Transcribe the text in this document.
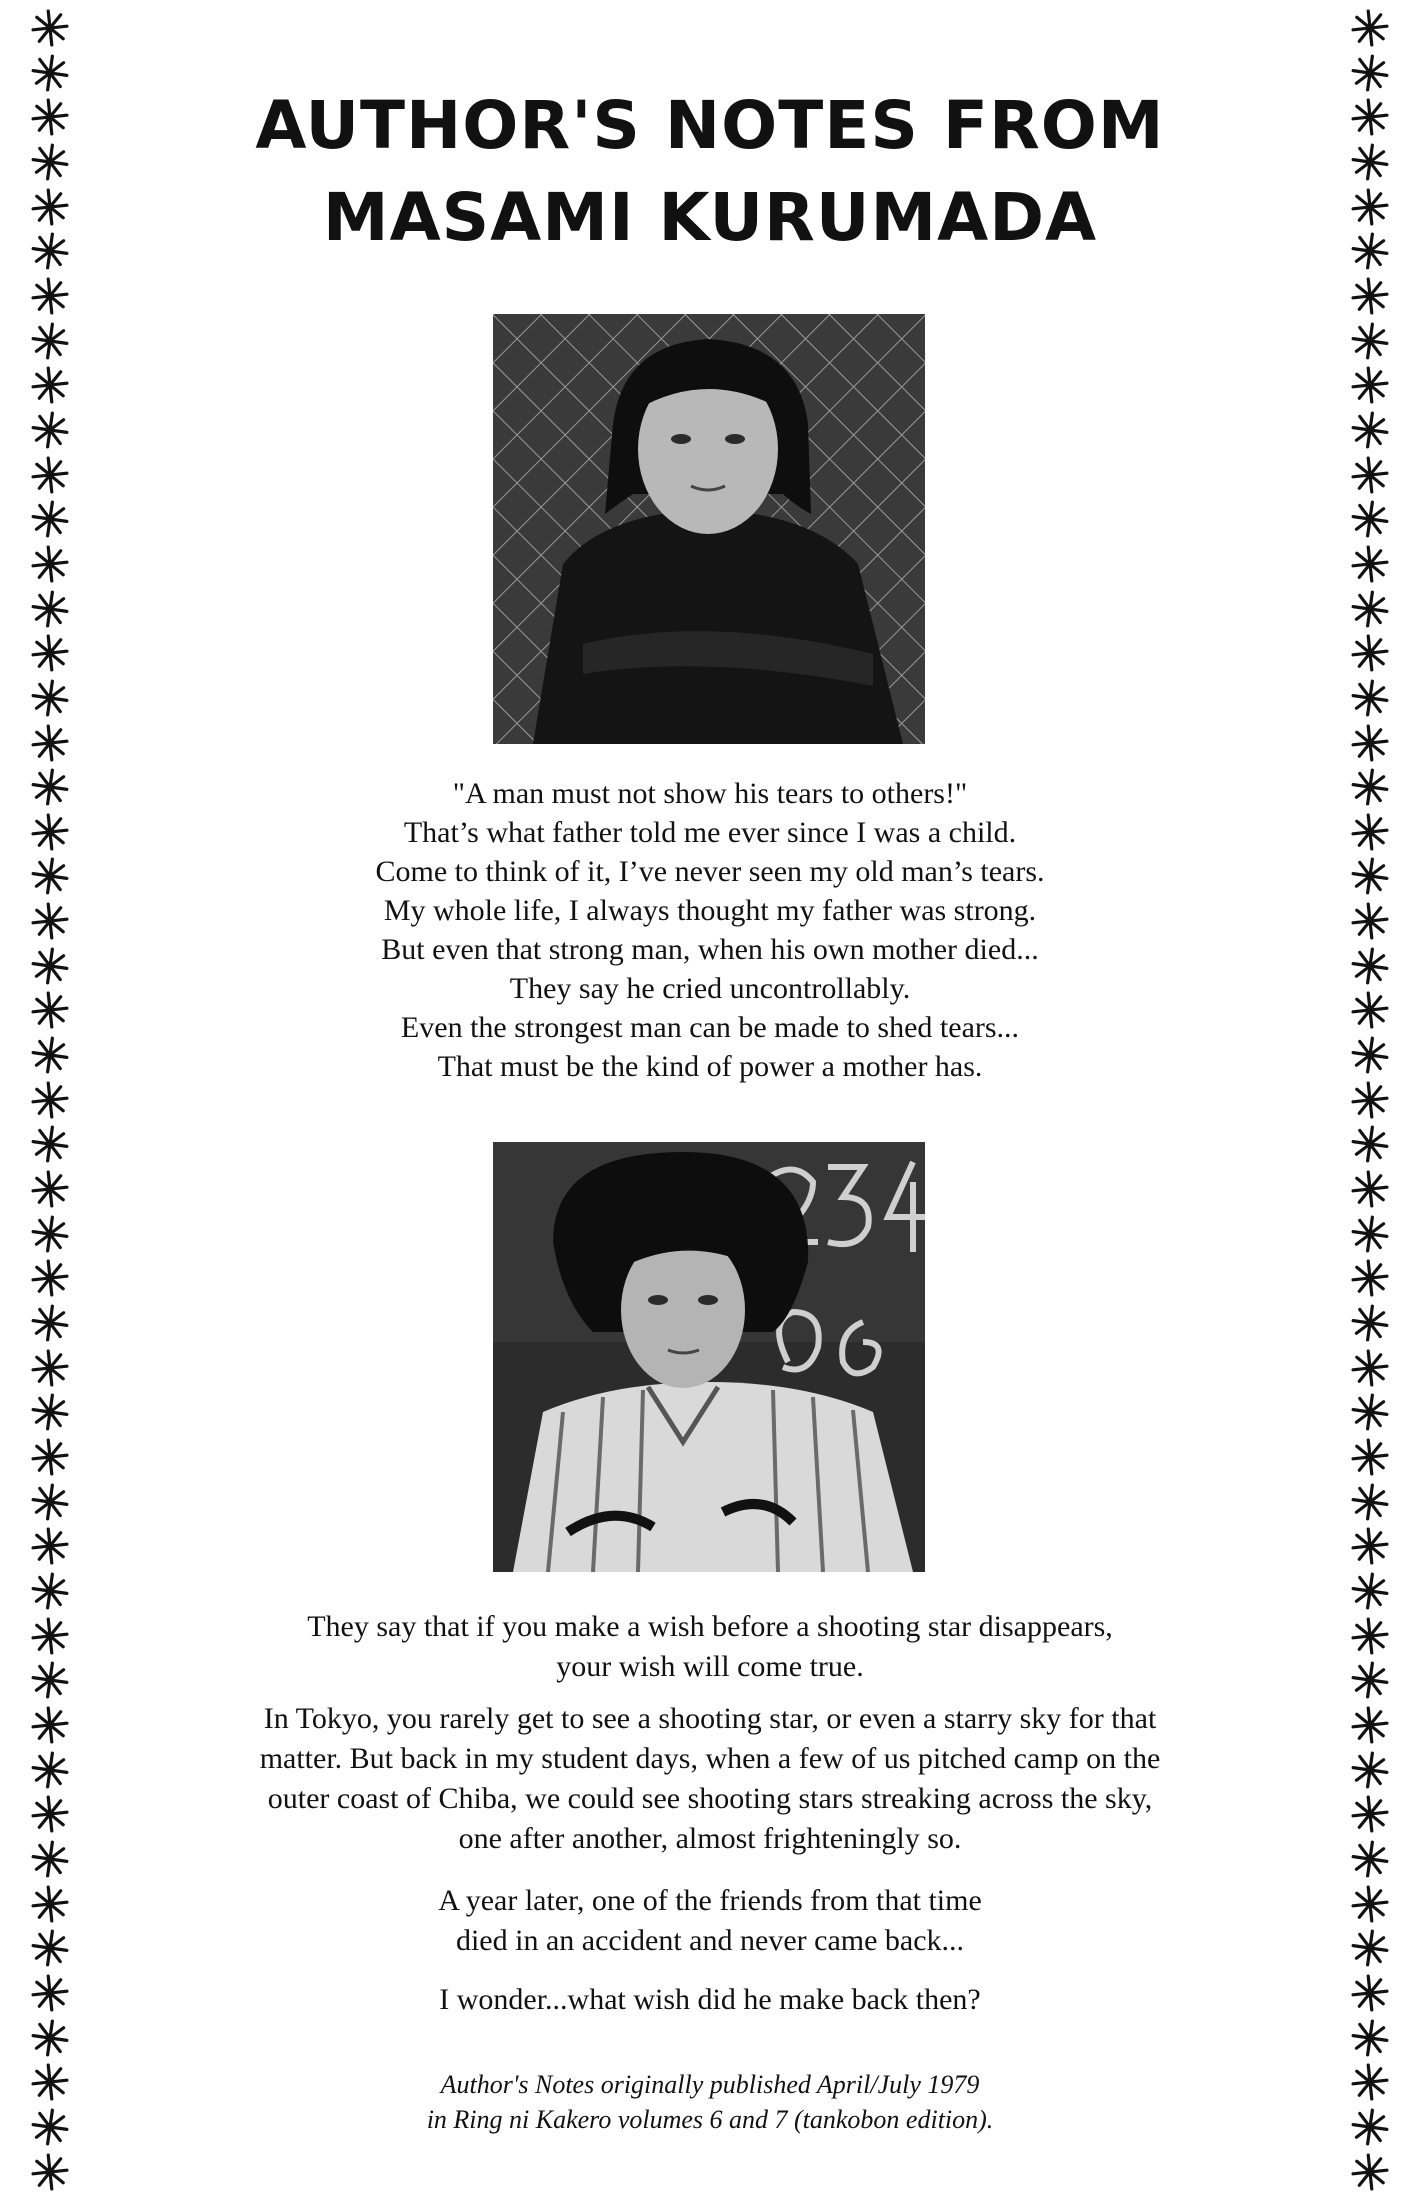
AUTHOR'S NOTES FROM
MASAMI KURUMADA
"A man must not show his tears to others!"
That’s what father told me ever since I was a child.
Come to think of it, I’ve never seen my old man’s tears.
My whole life, I always thought my father was strong.
But even that strong man, when his own mother died...
They say he cried uncontrollably.
Even the strongest man can be made to shed tears...
That must be the kind of power a mother has.
They say that if you make a wish before a shooting star disappears,
your wish will come true.
In Tokyo, you rarely get to see a shooting star, or even a starry sky for that
matter. But back in my student days, when a few of us pitched camp on the
outer coast of Chiba, we could see shooting stars streaking across the sky,
one after another, almost frighteningly so.
A year later, one of the friends from that time
died in an accident and never came back...
I wonder...what wish did he make back then?
Author's Notes originally published April/July 1979
in Ring ni Kakero volumes 6 and 7 (tankobon edition).
